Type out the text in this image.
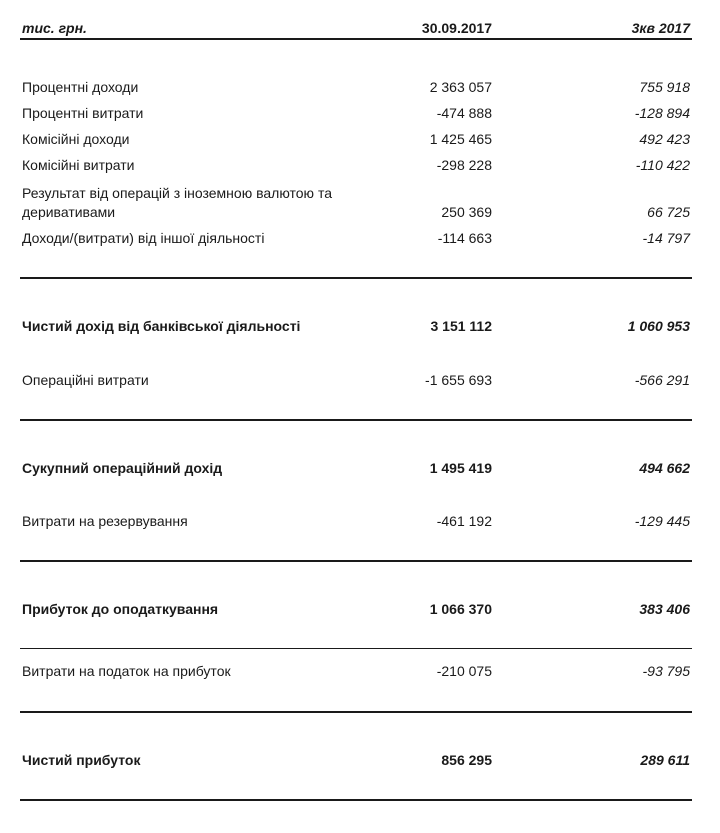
тис. грн.	30.09.2017	3кв 2017
Процентні доходи	2 363 057	755 918
Процентні витрати	-474 888	-128 894
Комісійні доходи	1 425 465	492 423
Комісійні витрати	-298 228	-110 422
Результат від операцій з іноземною валютою та
деривативами	250 369	66 725
Доходи/(витрати) від іншої діяльності	-114 663	-14 797
Чистий дохід від банківської діяльності	3 151 112	1 060 953
Операційні витрати	-1 655 693	-566 291
Сукупний операційний дохід	1 495 419	494 662
Витрати на резервування	-461 192	-129 445
Прибуток до оподаткування	1 066 370	383 406
Витрати на податок на прибуток	-210 075	-93 795
Чистий прибуток	856 295	289 611
